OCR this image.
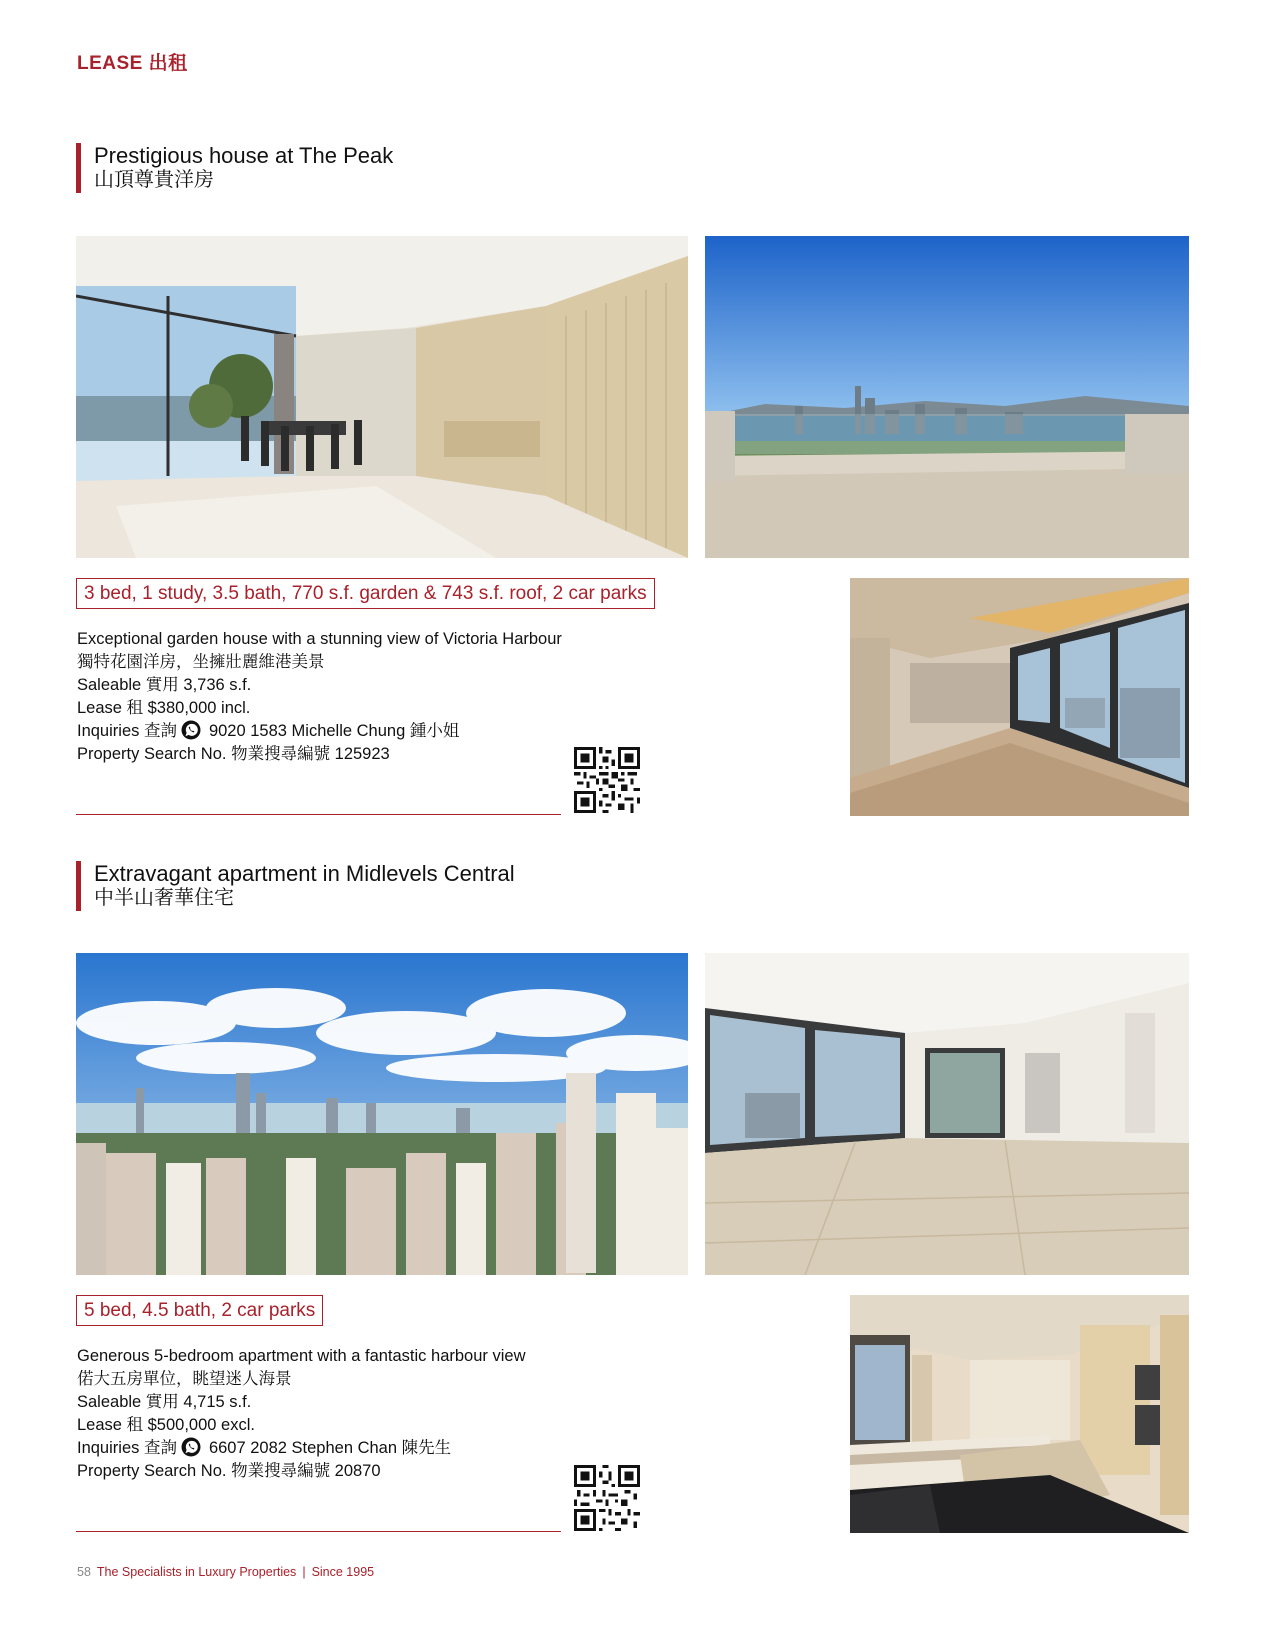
LEASE 出租
Prestigious house at The Peak
山頂尊貴洋房
3 bed, 1 study, 3.5 bath, 770 s.f. garden & 743 s.f. roof, 2 car parks
Exceptional garden house with a stunning view of Victoria Harbour
獨特花園洋房，坐擁壯麗維港美景
Saleable 實用 3,736 s.f.
Lease 租 $380,000 incl.
Inquiries 查詢 9020 1583 Michelle Chung 鍾小姐
Property Search No. 物業搜尋編號 125923
Extravagant apartment in Midlevels Central
中半山奢華住宅
5 bed, 4.5 bath, 2 car parks
Generous 5-bedroom apartment with a fantastic harbour view
偌大五房單位，眺望迷人海景
Saleable 實用 4,715 s.f.
Lease 租 $500,000 excl.
Inquiries 查詢 6607 2082 Stephen Chan 陳先生
Property Search No. 物業搜尋編號 20870
58 The Specialists in Luxury Properties | Since 1995
